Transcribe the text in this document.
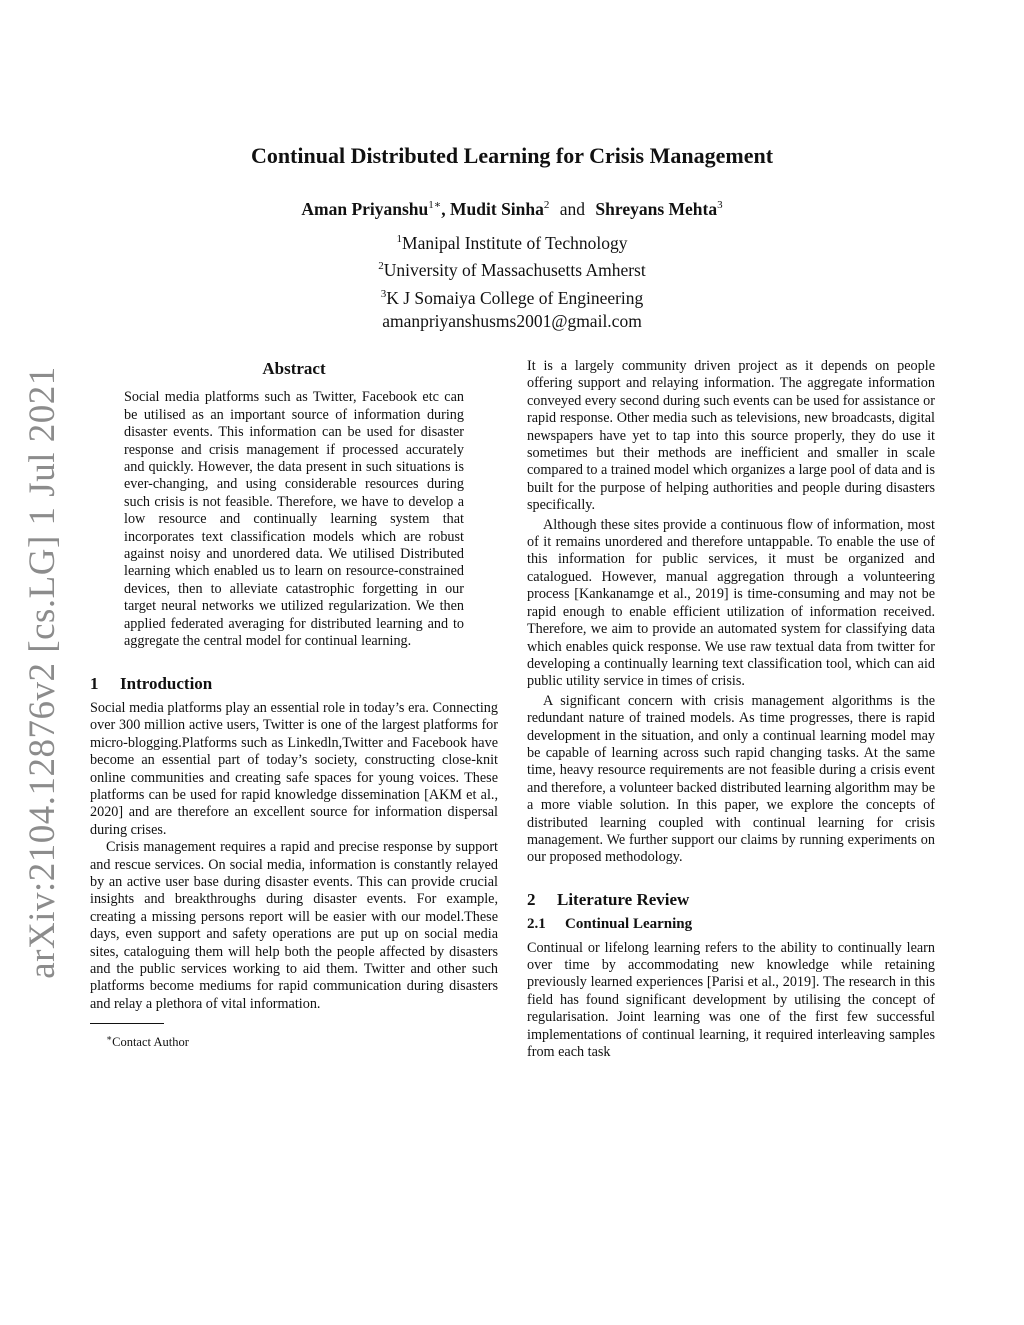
arXiv:2104.12876v2 [cs.LG] 1 Jul 2021
Continual Distributed Learning for Crisis Management
Aman Priyanshu$^{1∗}$, Mudit Sinha$^2$ and Shreyans Mehta$^3$
$^1$Manipal Institute of Technology
$^2$University of Massachusetts Amherst
$^3$K J Somaiya College of Engineering
amanpriyanshusms2001@gmail.com
Abstract

Social media platforms such as Twitter, Facebook etc can be utilised as an important source of information during disaster events. This information can be used for disaster response and crisis management if processed accurately and quickly. However, the data present in such situations is ever-changing, and using considerable resources during such crisis is not feasible. Therefore, we have to develop a low resource and continually learning system that incorporates text classification models which are robust against noisy and unordered data. We utilised Distributed learning which enabled us to learn on resource-constrained devices, then to alleviate catastrophic forgetting in our target neural networks we utilized regularization. We then applied federated averaging for distributed learning and to aggregate the central model for continual learning.

1 Introduction

Social media platforms play an essential role in today’s era. Connecting over 300 million active users, Twitter is one of the largest platforms for micro-blogging.Platforms such as Linkedln,Twitter and Facebook have become an essential part of today’s society, constructing close-knit online communities and creating safe spaces for young voices. These platforms can be used for rapid knowledge dissemination [AKM et al., 2020] and are therefore an excellent source for information dispersal during crises.

Crisis management requires a rapid and precise response by support and rescue services. On social media, information is constantly relayed by an active user base during disaster events. This can provide crucial insights and breakthroughs during disaster events. For example, creating a missing persons report will be easier with our model.These days, even support and safety operations are put up on social media sites, cataloguing them will help both the people affected by disasters and the public services working to aid them. Twitter and other such platforms become mediums for rapid communication during disasters and relay a plethora of vital information.

∗Contact Author

It is a largely community driven project as it depends on people offering support and relaying information. The aggregate information conveyed every second during such events can be used for assistance or rapid response. Other media such as televisions, new broadcasts, digital newspapers have yet to tap into this source properly, they do use it sometimes but their methods are inefficient and smaller in scale compared to a trained model which organizes a large pool of data and is built for the purpose of helping authorities and people during disasters specifically.

Although these sites provide a continuous flow of information, most of it remains unordered and therefore untappable. To enable the use of this information for public services, it must be organized and catalogued. However, manual aggregation through a volunteering process [Kankanamge et al., 2019] is time-consuming and may not be rapid enough to enable efficient utilization of information received. Therefore, we aim to provide an automated system for classifying data which enables quick response. We use raw textual data from twitter for developing a continually learning text classification tool, which can aid public utility service in times of crisis.

A significant concern with crisis management algorithms is the redundant nature of trained models. As time progresses, there is rapid development in the situation, and only a continual learning model may be capable of learning across such rapid changing tasks. At the same time, heavy resource requirements are not feasible during a crisis event and therefore, a volunteer backed distributed learning algorithm may be a more viable solution. In this paper, we explore the concepts of distributed learning coupled with continual learning for crisis management. We further support our claims by running experiments on our proposed methodology.

2 Literature Review
2.1 Continual Learning

Continual or lifelong learning refers to the ability to continually learn over time by accommodating new knowledge while retaining previously learned experiences [Parisi et al., 2019]. The research in this field has found significant development by utilising the concept of regularisation. Joint learning was one of the first few successful implementations of continual learning, it required interleaving samples from each task
